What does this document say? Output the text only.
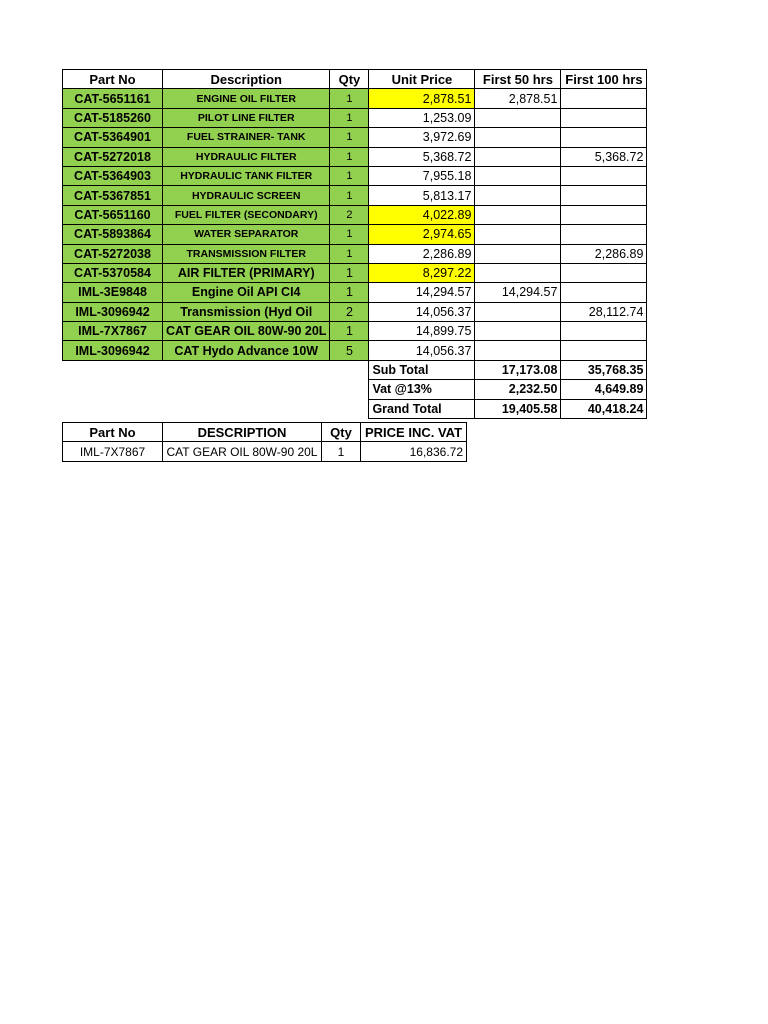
Part No	Description	Qty	Unit Price	First 50 hrs	First 100 hrs
CAT-5651161	ENGINE OIL FILTER	1	2,878.51	2,878.51	
CAT-5185260	PILOT LINE FILTER	1	1,253.09		
CAT-5364901	FUEL STRAINER- TANK	1	3,972.69		
CAT-5272018	HYDRAULIC FILTER	1	5,368.72		5,368.72
CAT-5364903	HYDRAULIC TANK FILTER	1	7,955.18		
CAT-5367851	HYDRAULIC SCREEN	1	5,813.17		
CAT-5651160	FUEL FILTER (SECONDARY)	2	4,022.89		
CAT-5893864	WATER SEPARATOR	1	2,974.65		
CAT-5272038	TRANSMISSION FILTER	1	2,286.89		2,286.89
CAT-5370584	AIR FILTER (PRIMARY)	1	8,297.22		
IML-3E9848	Engine Oil API CI4	1	14,294.57	14,294.57	
IML-3096942	Transmission (Hyd Oil	2	14,056.37		28,112.74
IML-7X7867	CAT GEAR OIL 80W-90 20L	1	14,899.75		
IML-3096942	CAT Hydo Advance 10W	5	14,056.37		
			Sub Total	17,173.08	35,768.35
			Vat @13%	2,232.50	4,649.89
			Grand Total	19,405.58	40,418.24
Part No	DESCRIPTION	Qty	PRICE INC. VAT
IML-7X7867	CAT GEAR OIL 80W-90 20L	1	16,836.72
